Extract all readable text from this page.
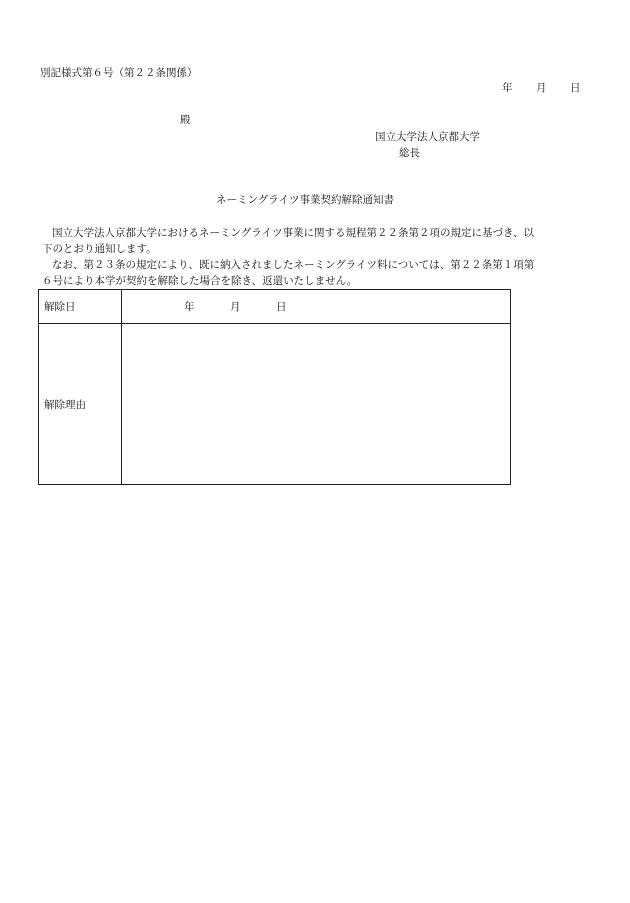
別記様式第６号（第２２条関係）
年 月 日
殿
国立大学法人京都大学
総長
ネーミングライツ事業契約解除通知書

国立大学法人京都大学におけるネーミングライツ事業に関する規程第２２条第２項の規定に基づき、以下のとおり通知します。

なお、第２３条の規定により、既に納入されましたネーミングライツ料については、第２２条第１項第６号により本学が契約を解除した場合を除き、返還いたしません。

解除日	年 月 日

解除理由	
